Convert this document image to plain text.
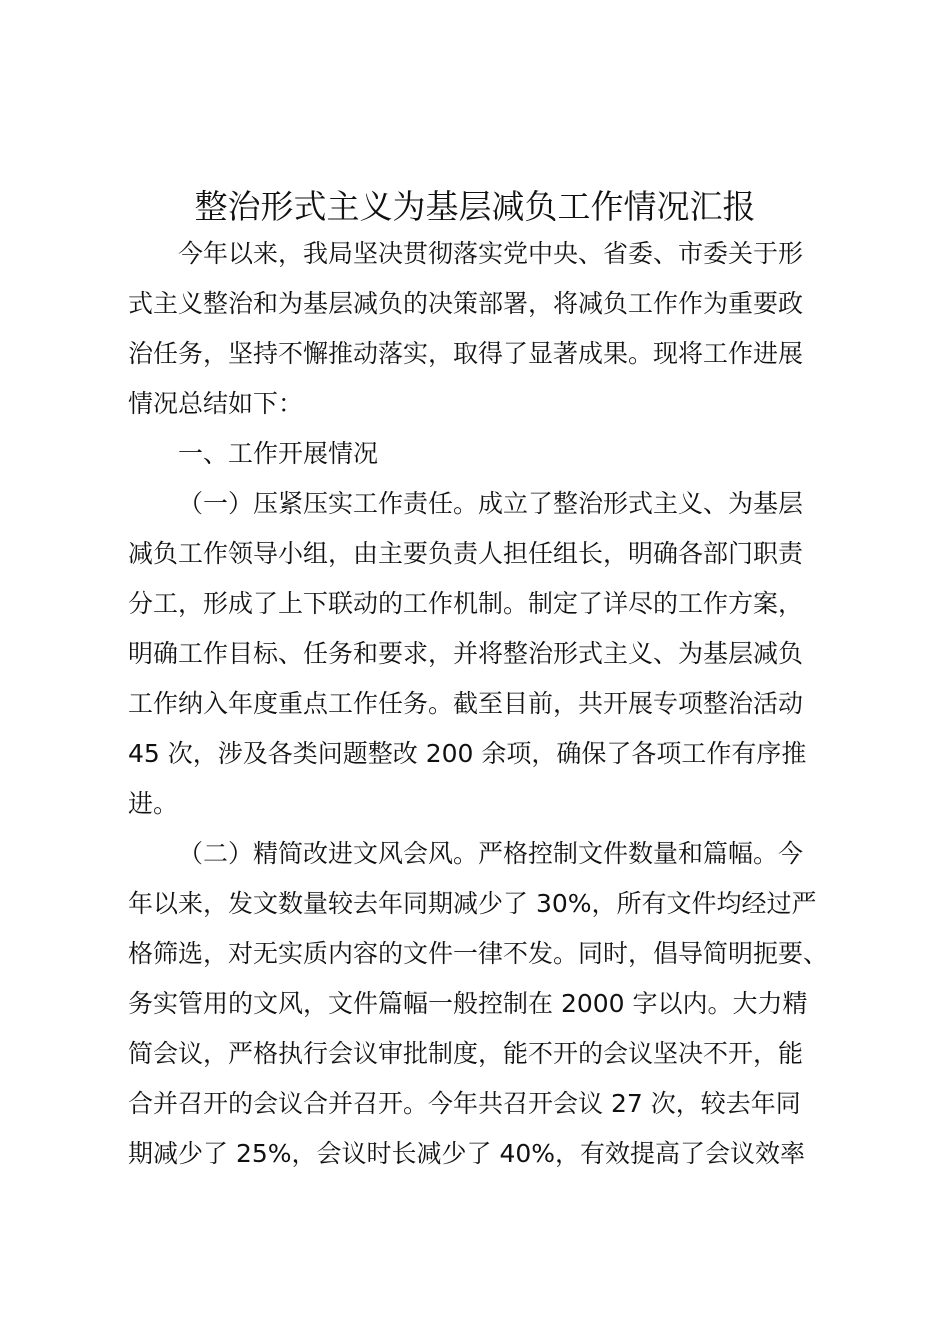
整治形式主义为基层减负工作情况汇报
今年以来，我局坚决贯彻落实党中央、省委、市委关于形
式主义整治和为基层减负的决策部署，将减负工作作为重要政
治任务，坚持不懈推动落实，取得了显著成果。现将工作进展
情况总结如下：
一、工作开展情况
（一）压紧压实工作责任。成立了整治形式主义、为基层
减负工作领导小组，由主要负责人担任组长，明确各部门职责
分工，形成了上下联动的工作机制。制定了详尽的工作方案，
明确工作目标、任务和要求，并将整治形式主义、为基层减负
工作纳入年度重点工作任务。截至目前，共开展专项整治活动
45 次，涉及各类问题整改 200 余项，确保了各项工作有序推
进。
（二）精简改进文风会风。严格控制文件数量和篇幅。今
年以来，发文数量较去年同期减少了 30%，所有文件均经过严
格筛选，对无实质内容的文件一律不发。同时，倡导简明扼要、
务实管用的文风，文件篇幅一般控制在 2000 字以内。大力精
简会议，严格执行会议审批制度，能不开的会议坚决不开，能
合并召开的会议合并召开。今年共召开会议 27 次，较去年同
期减少了 25%，会议时长减少了 40%，有效提高了会议效率
